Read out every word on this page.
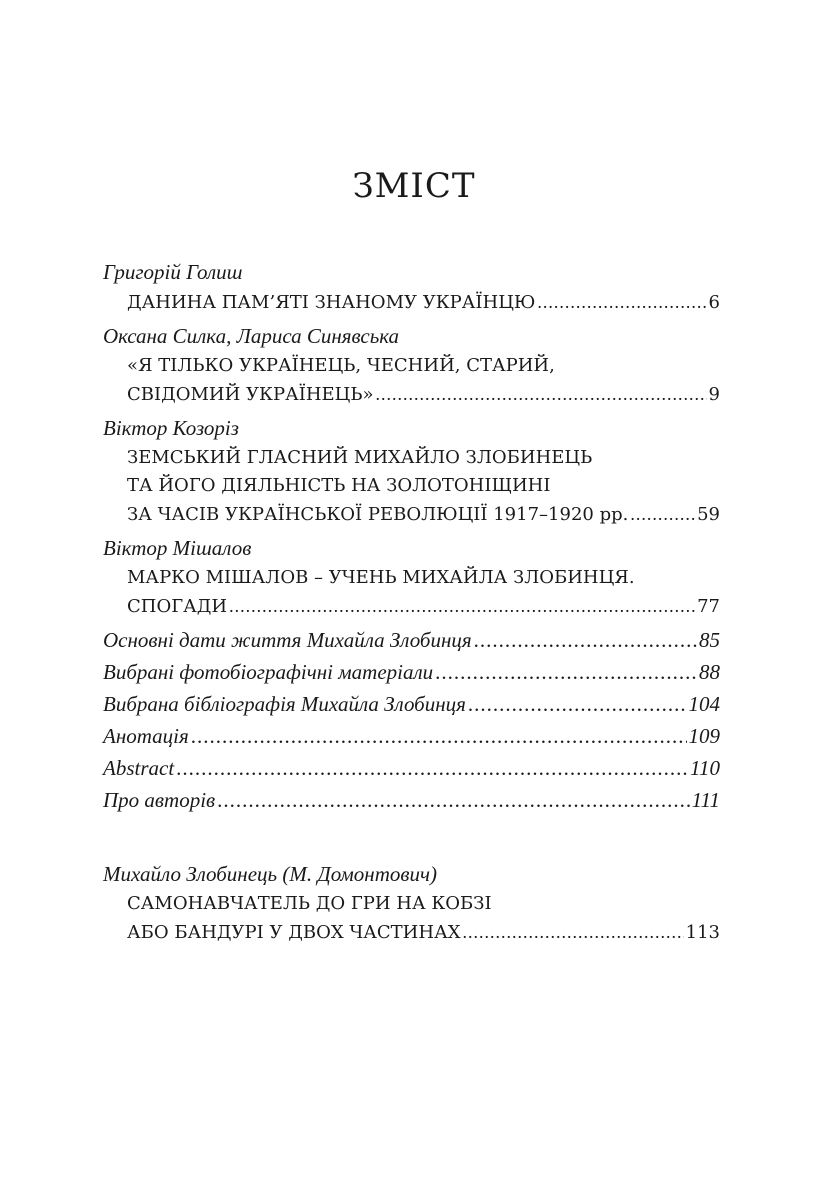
ЗМІСТ
Григорій Голиш
ДАНИНА ПАМ’ЯТІ ЗНАНОМУ УКРАЇНЦЮ .....	6
Оксана Силка, Лариса Синявська
«Я ТІЛЬКО УКРАЇНЕЦЬ, ЧЕСНИЙ, СТАРИЙ,
СВІДОМИЙ УКРАЇНЕЦЬ» .....	9
Віктор Козоріз
ЗЕМСЬКИЙ ГЛАСНИЙ МИХАЙЛО ЗЛОБИНЕЦЬ
ТА ЙОГО ДІЯЛЬНІСТЬ НА ЗОЛОТОНІЩИНІ
ЗА ЧАСІВ УКРАЇНСЬКОЇ РЕВОЛЮЦІЇ 1917–1920 рр. .....	59
Віктор Мішалов
МАРКО МІШАЛОВ – УЧЕНЬ МИХАЙЛА ЗЛОБИНЦЯ.
СПОГАДИ .....	77
Основні дати життя Михайла Злобинця .....	85
Вибрані фотобіографічні матеріали .....	88
Вибрана бібліографія Михайла Злобинця .....	104
Анотація .....	109
Abstract .....	110
Про авторів .....	111
Михайло Злобинець (М. Домонтович)
САМОНАВЧАТЕЛЬ ДО ГРИ НА КОБЗІ
АБО БАНДУРІ У ДВОХ ЧАСТИНАХ .....	113
